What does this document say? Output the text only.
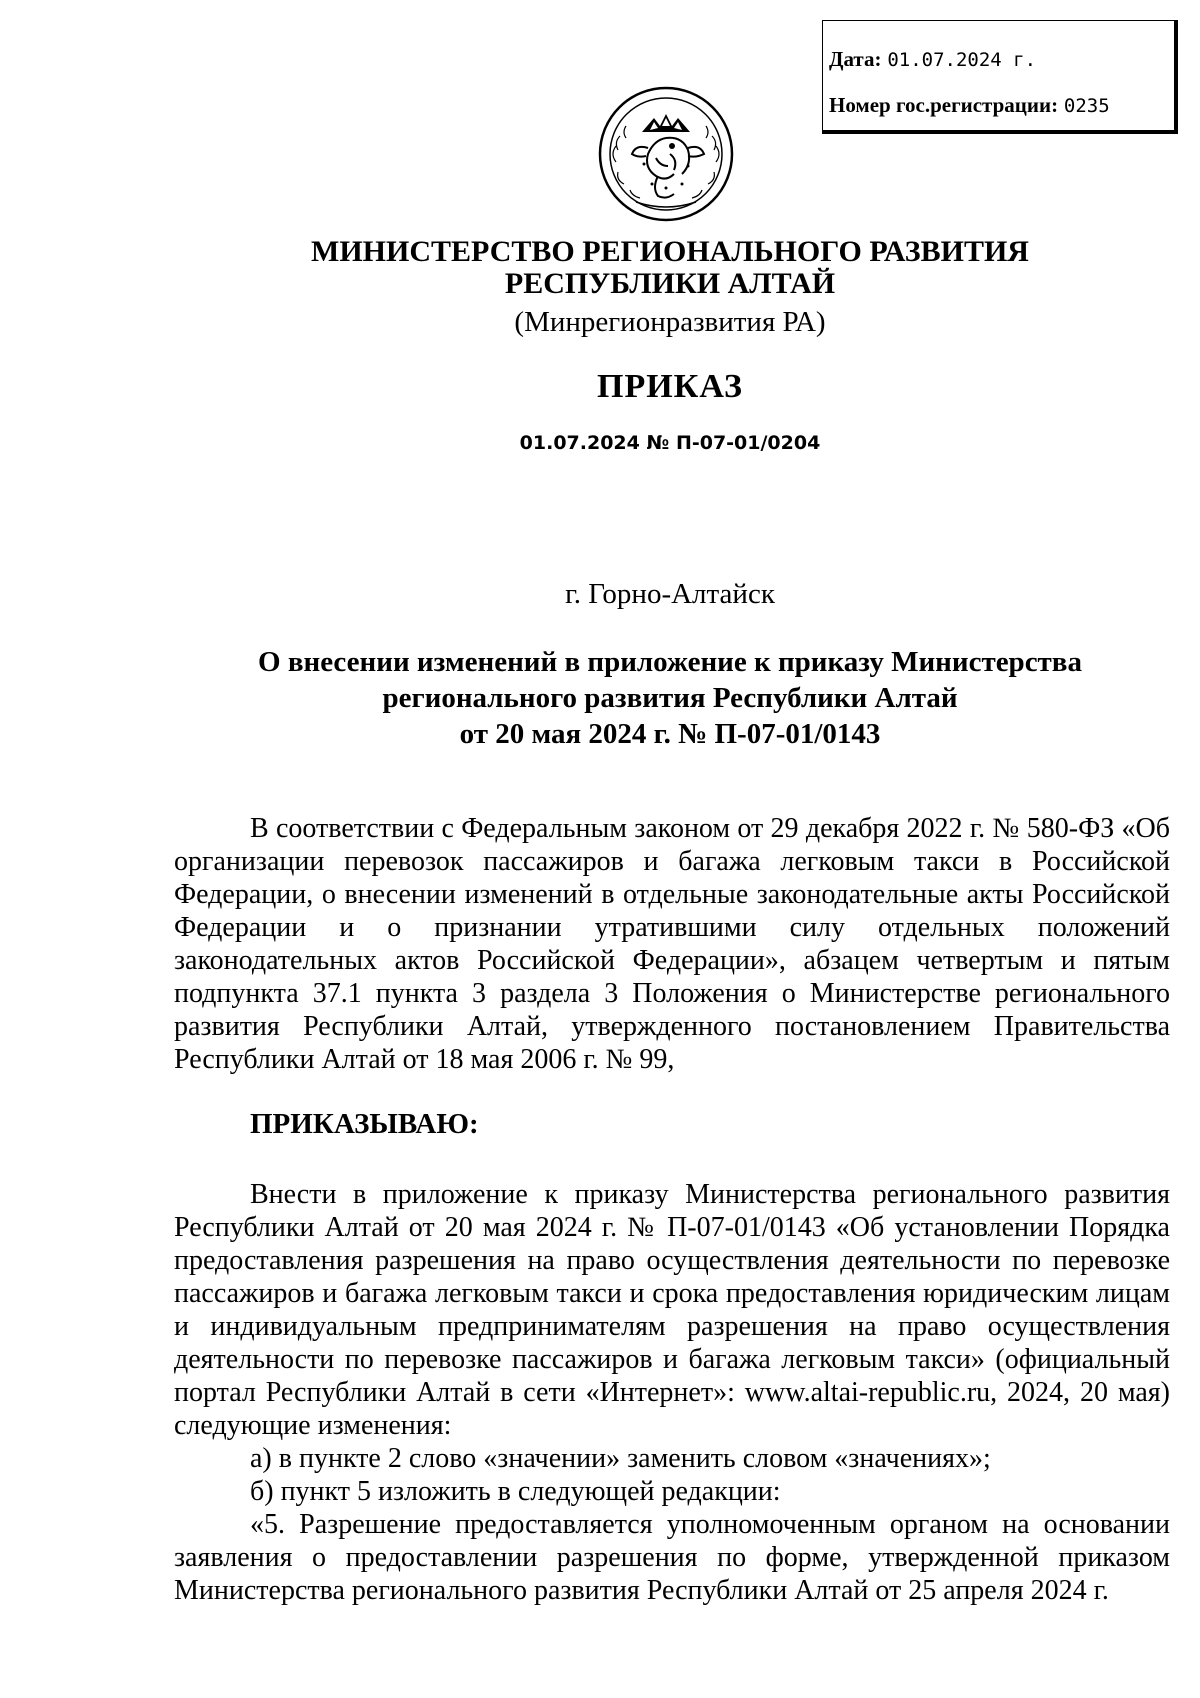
Дата: 01.07.2024 г.
Номер гос.регистрации: 0235
МИНИСТЕРСТВО РЕГИОНАЛЬНОГО РАЗВИТИЯ
РЕСПУБЛИКИ АЛТАЙ
(Минрегионразвития РА)
ПРИКАЗ
01.07.2024 № П-07-01/0204
г. Горно-Алтайск
О внесении изменений в приложение к приказу Министерства
регионального развития Республики Алтай
от 20 мая 2024 г. № П-07-01/0143
В соответствии с Федеральным законом от 29 декабря 2022 г. № 580-ФЗ «Об организации перевозок пассажиров и багажа легковым такси в Российской Федерации, о внесении изменений в отдельные законодательные акты Российской Федерации и о признании утратившими силу отдельных положений законодательных актов Российской Федерации», абзацем четвертым и пятым подпункта 37.1 пункта 3 раздела 3 Положения о Министерстве регионального развития Республики Алтай, утвержденного постановлением Правительства Республики Алтай от 18 мая 2006 г. № 99,
ПРИКАЗЫВАЮ:
Внести в приложение к приказу Министерства регионального развития Республики Алтай от 20 мая 2024 г. № П-07-01/0143 «Об установлении Порядка предоставления разрешения на право осуществления деятельности по перевозке пассажиров и багажа легковым такси и срока предоставления юридическим лицам и индивидуальным предпринимателям разрешения на право осуществления деятельности по перевозке пассажиров и багажа легковым такси» (официальный портал Республики Алтай в сети «Интернет»: www.altai-republic.ru, 2024, 20 мая) следующие изменения:
а) в пункте 2 слово «значении» заменить словом «значениях»;
б) пункт 5 изложить в следующей редакции:
«5. Разрешение предоставляется уполномоченным органом на основании заявления о предоставлении разрешения по форме, утвержденной приказом Министерства регионального развития Республики Алтай от 25 апреля 2024 г.
